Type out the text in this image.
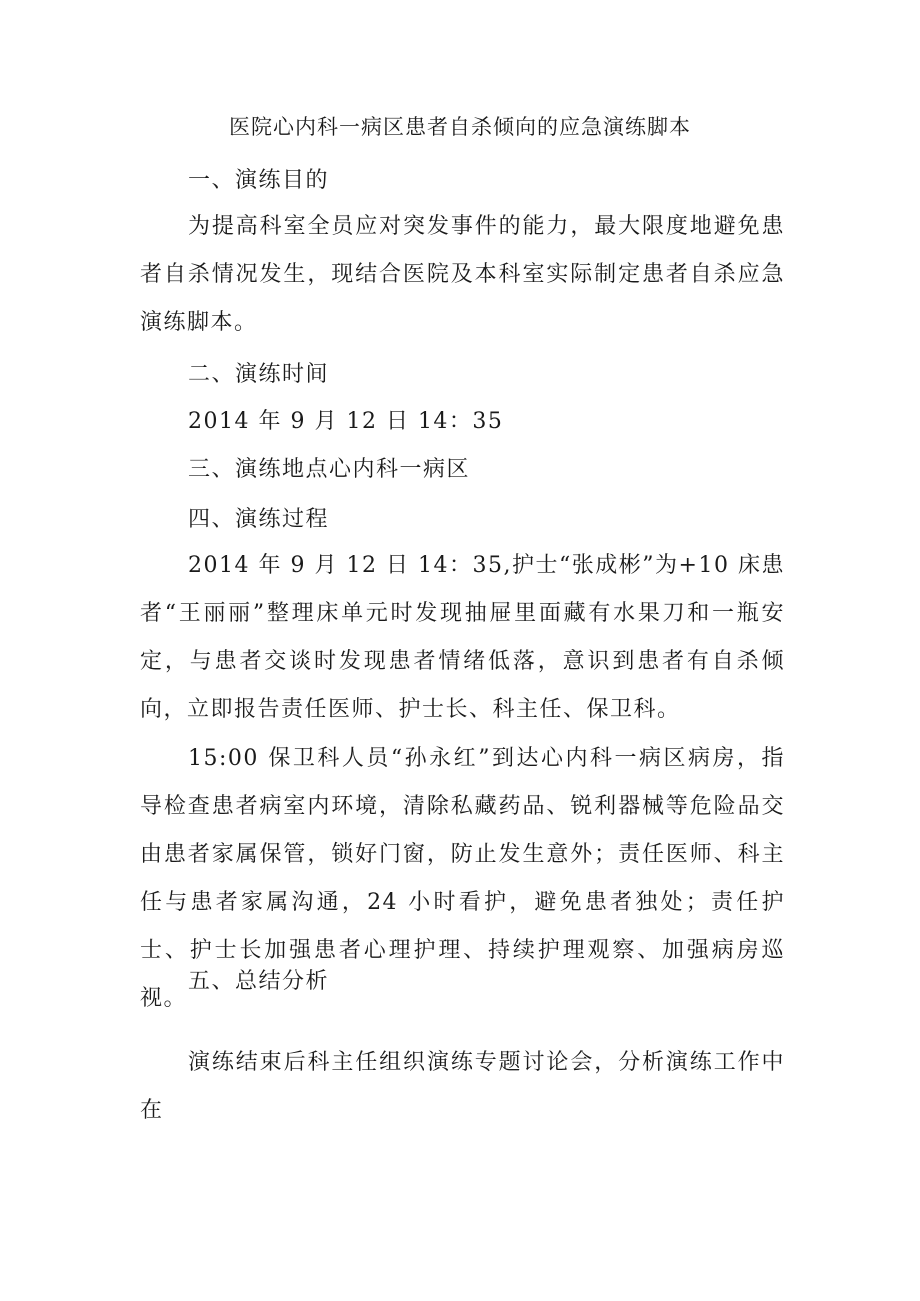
医院心内科一病区患者自杀倾向的应急演练脚本
一、演练目的
为提高科室全员应对突发事件的能力，最大限度地避免患者自杀情况发生，现结合医院及本科室实际制定患者自杀应急演练脚本。
二、演练时间
2014 年 9 月 12 日 14：35
三、演练地点心内科一病区
四、演练过程
2014 年 9 月 12 日 14：35,护士“张成彬”为+10 床患者“王丽丽”整理床单元时发现抽屉里面藏有水果刀和一瓶安定，与患者交谈时发现患者情绪低落，意识到患者有自杀倾向，立即报告责任医师、护士长、科主任、保卫科。
15:00 保卫科人员“孙永红”到达心内科一病区病房，指导检查患者病室内环境，清除私藏药品、锐利器械等危险品交由患者家属保管，锁好门窗，防止发生意外；责任医师、科主任与患者家属沟通，24 小时看护，避免患者独处；责任护士、护士长加强患者心理护理、持续护理观察、加强病房巡视。
五、总结分析
演练结束后科主任组织演练专题讨论会，分析演练工作中在
